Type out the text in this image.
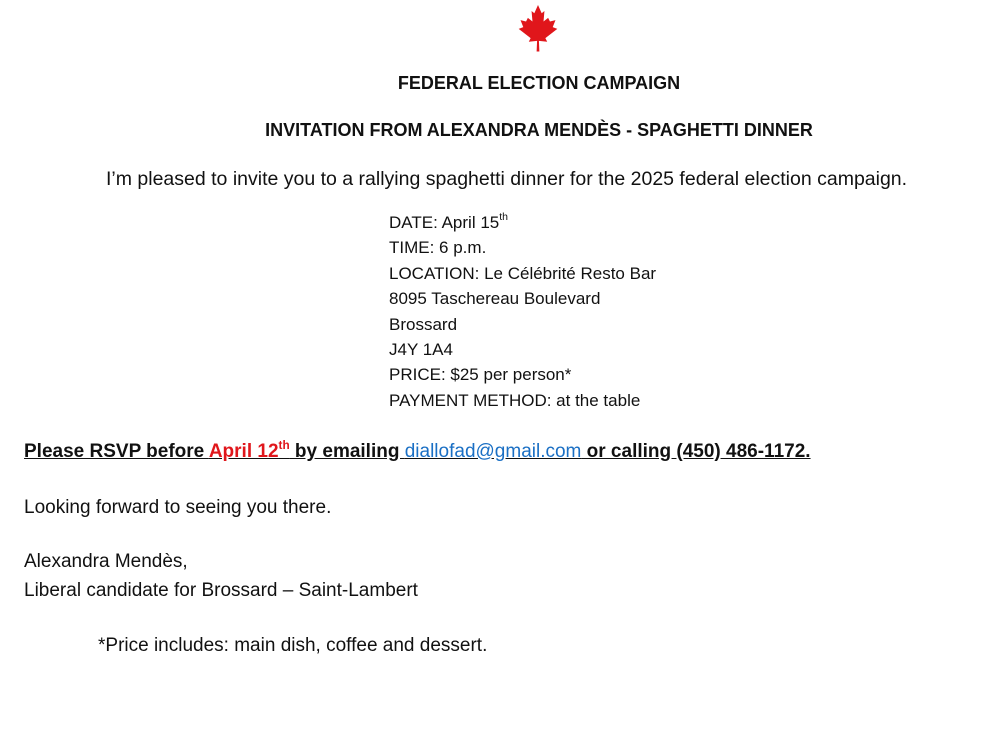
FEDERAL ELECTION CAMPAIGN
INVITATION FROM ALEXANDRA MENDÈS - SPAGHETTI DINNER
I’m pleased to invite you to a rallying spaghetti dinner for the 2025 federal election campaign.
DATE: April 15th
TIME: 6 p.m.
LOCATION: Le Célébrité Resto Bar
8095 Taschereau Boulevard
Brossard
J4Y 1A4
PRICE: $25 per person*
PAYMENT METHOD: at the table
Please RSVP before April 12th by emailing diallofad@gmail.com or calling (450) 486-1172.
Looking forward to seeing you there.
Alexandra Mendès,
Liberal candidate for Brossard – Saint-Lambert
*Price includes: main dish, coffee and dessert.
